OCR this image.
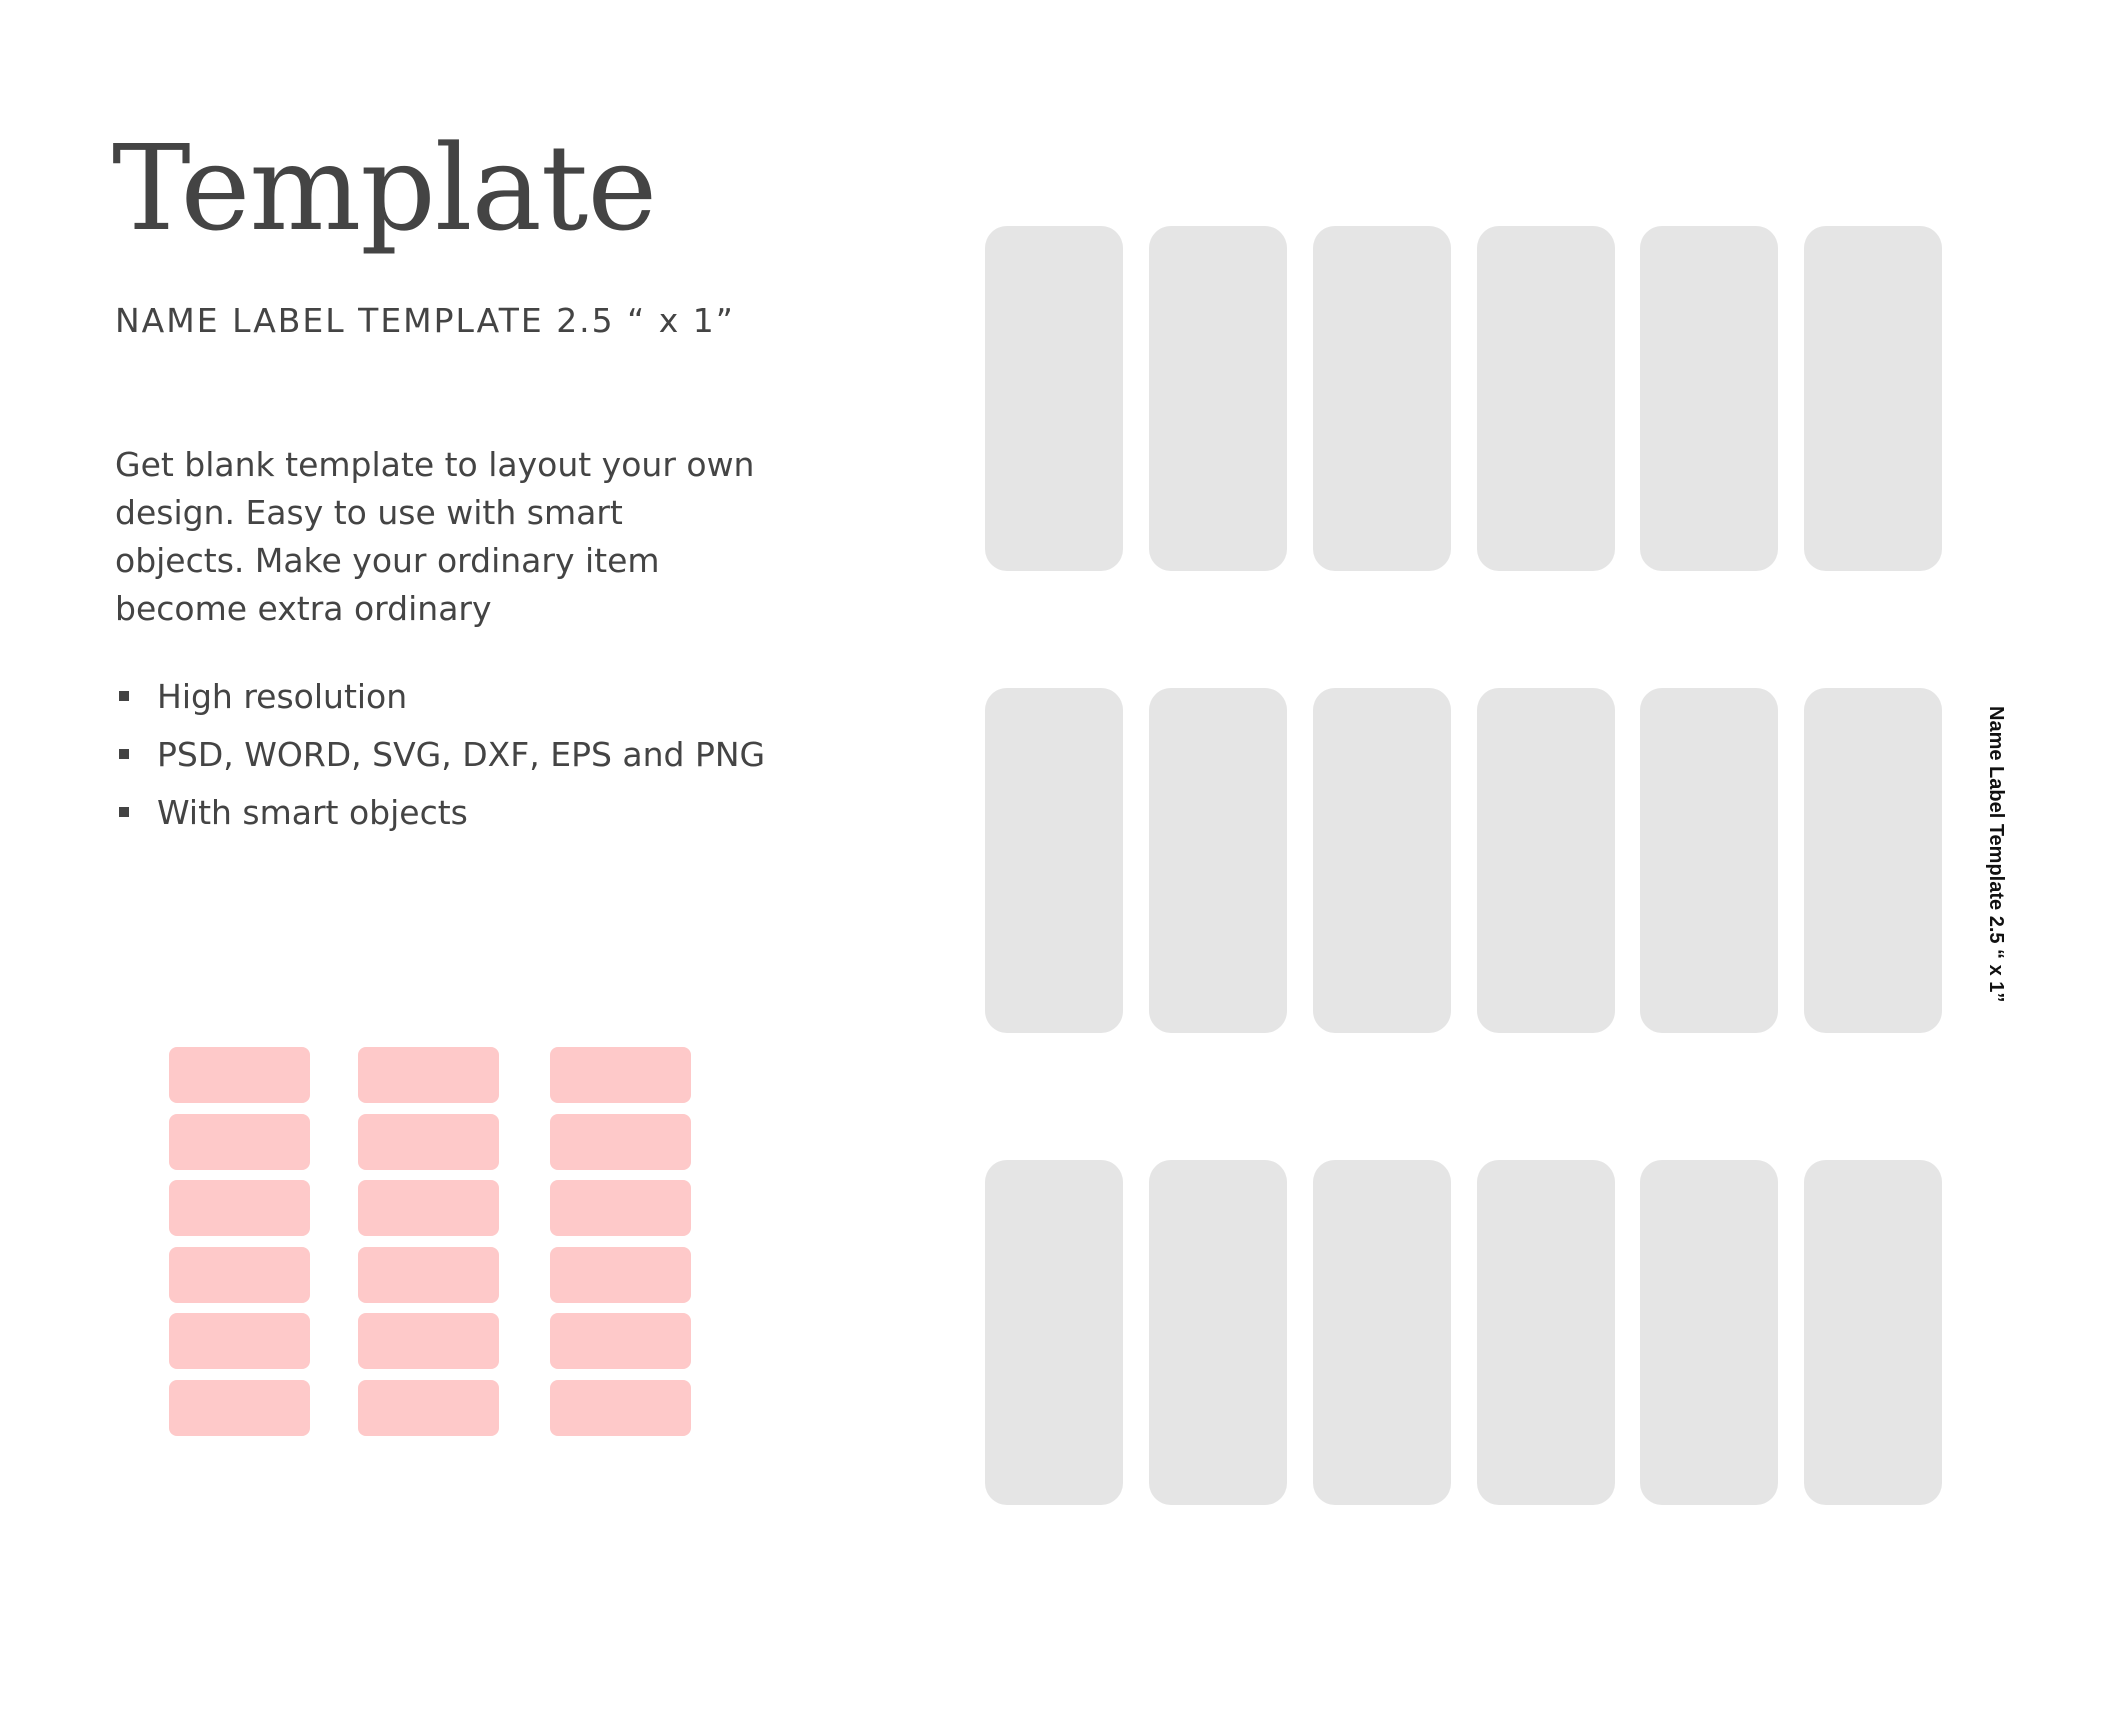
Template

NAME LABEL TEMPLATE 2.5 “ x 1”

Get blank template to layout your own design. Easy to use with smart objects. Make your ordinary item become extra ordinary

High resolution
PSD, WORD, SVG, DXF, EPS and PNG
With smart objects	Name Label Template 2.5 “ x 1”
